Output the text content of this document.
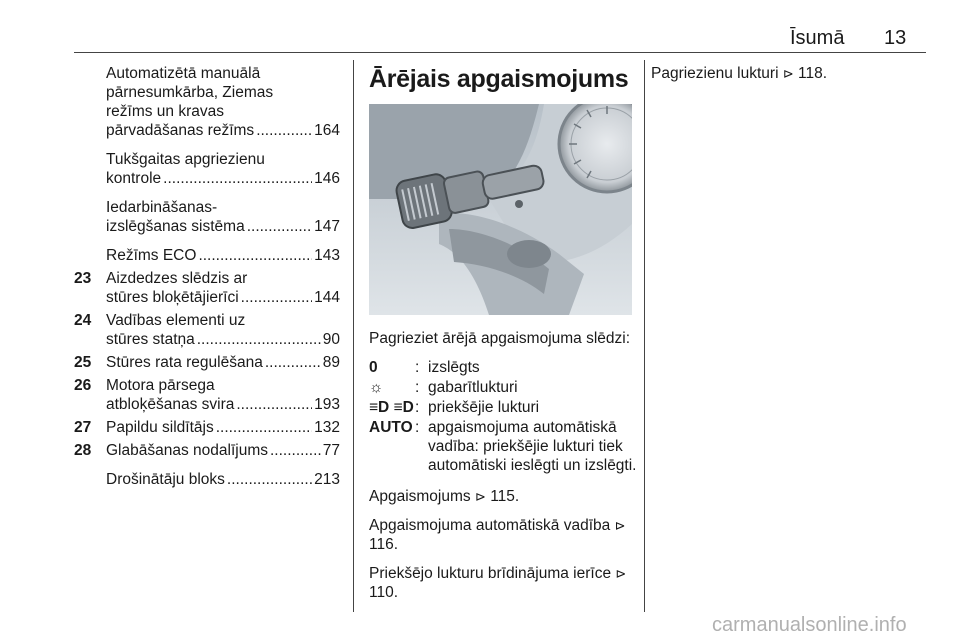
Īsumā 13
Automatizētā manuālā
pārnesumkārba, Ziemas
režīms un kravas
pārvadāšanas režīms .....	164
Tukšgaitas apgriezienu
kontrole .....	146
Iedarbināšanas-
izslēgšanas sistēma .....	147
Režīms ECO .....	143
23 Aizdedzes slēdzis ar
stūres bloķētājierīci .....	144
24 Vadības elementi uz
stūres statņa .....	90
25 Stūres rata regulēšana .....	89
26 Motora pārsega
atbloķēšanas svira .....	193
27 Papildu sildītājs .....	132
28 Glabāšanas nodalījums .....	77
Drošinātāju bloks .....	213
Ārējais apgaismojums
Pagrieziet ārējā apgaismojuma slēdzi:
0	: izslēgts
☼	: gabarītlukturi
≡D ≡D : priekšējie lukturi
AUTO : apgaismojuma automātiskā vadība: priekšējie lukturi tiek automātiski ieslēgti un izslēgti.
Apgaismojums ⊳ 115.
Apgaismojuma automātiskā vadība ⊳ 116.
Priekšējo lukturu brīdinājuma ierīce ⊳ 110.
Pagriezienu lukturi ⊳ 118.
carmanualsonline.info
